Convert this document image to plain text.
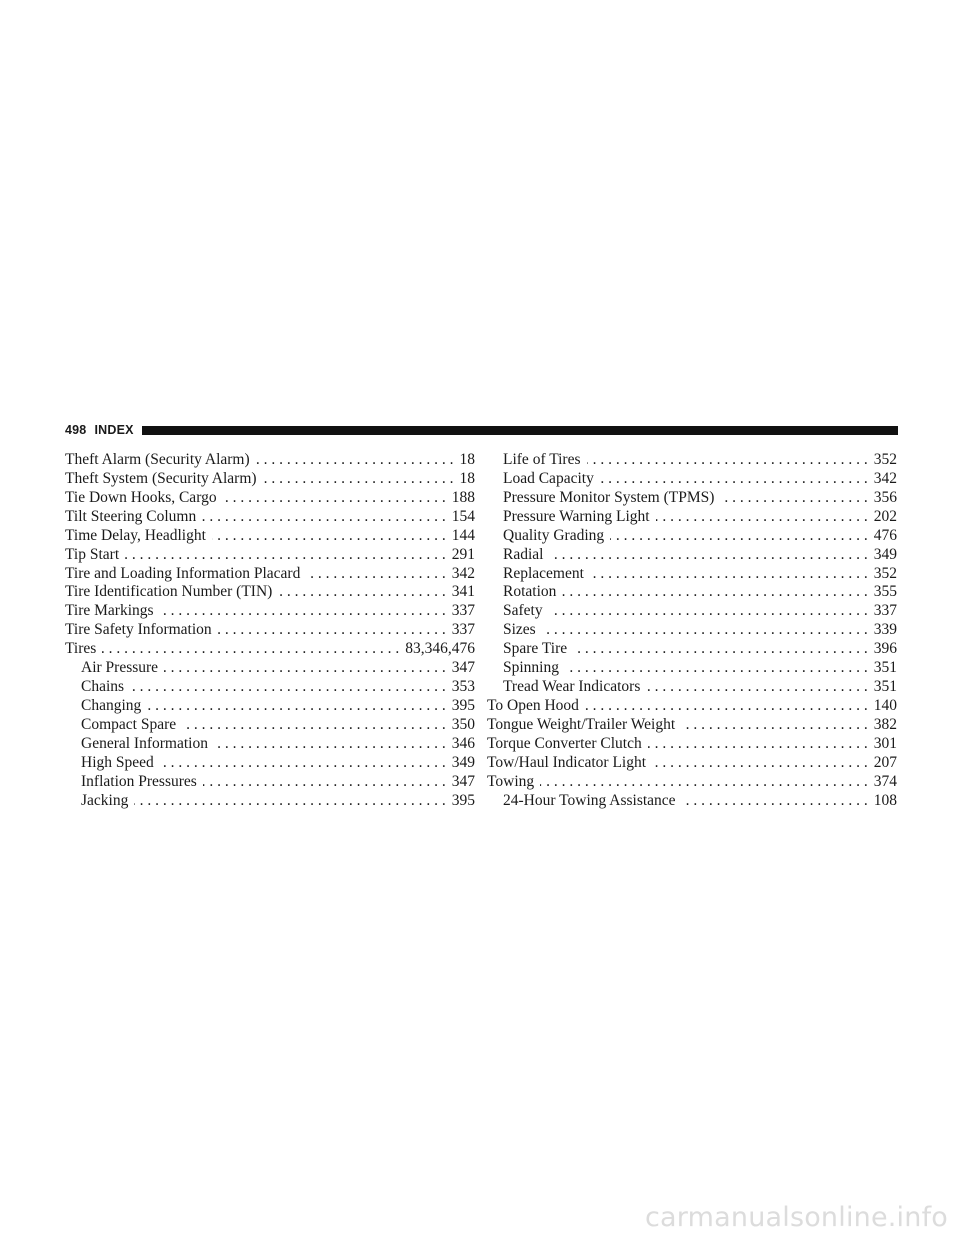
498 INDEX
Theft Alarm (Security Alarm) . . .	18
Theft System (Security Alarm) . . .	18
Tie Down Hooks, Cargo . . .	188
Tilt Steering Column . . .	154
Time Delay, Headlight . . .	144
Tip Start . . .	291
Tire and Loading Information Placard . . .	342
Tire Identification Number (TIN) . . .	341
Tire Markings . . .	337
Tire Safety Information . . .	337
Tires . . .	83,346,476
Air Pressure . . .	347
Chains . . .	353
Changing . . .	395
Compact Spare . . .	350
General Information . . .	346
High Speed . . .	349
Inflation Pressures . . .	347
Jacking . . .	395
Life of Tires . . .	352
Load Capacity . . .	342
Pressure Monitor System (TPMS) . . .	356
Pressure Warning Light . . .	202
Quality Grading . . .	476
Radial . . .	349
Replacement . . .	352
Rotation . . .	355
Safety . . .	337
Sizes . . .	339
Spare Tire . . .	396
Spinning . . .	351
Tread Wear Indicators . . .	351
To Open Hood . . .	140
Tongue Weight/Trailer Weight . . .	382
Torque Converter Clutch . . .	301
Tow/Haul Indicator Light . . .	207
Towing . . .	374
24-Hour Towing Assistance . . .	108
carmanualsonline.info
